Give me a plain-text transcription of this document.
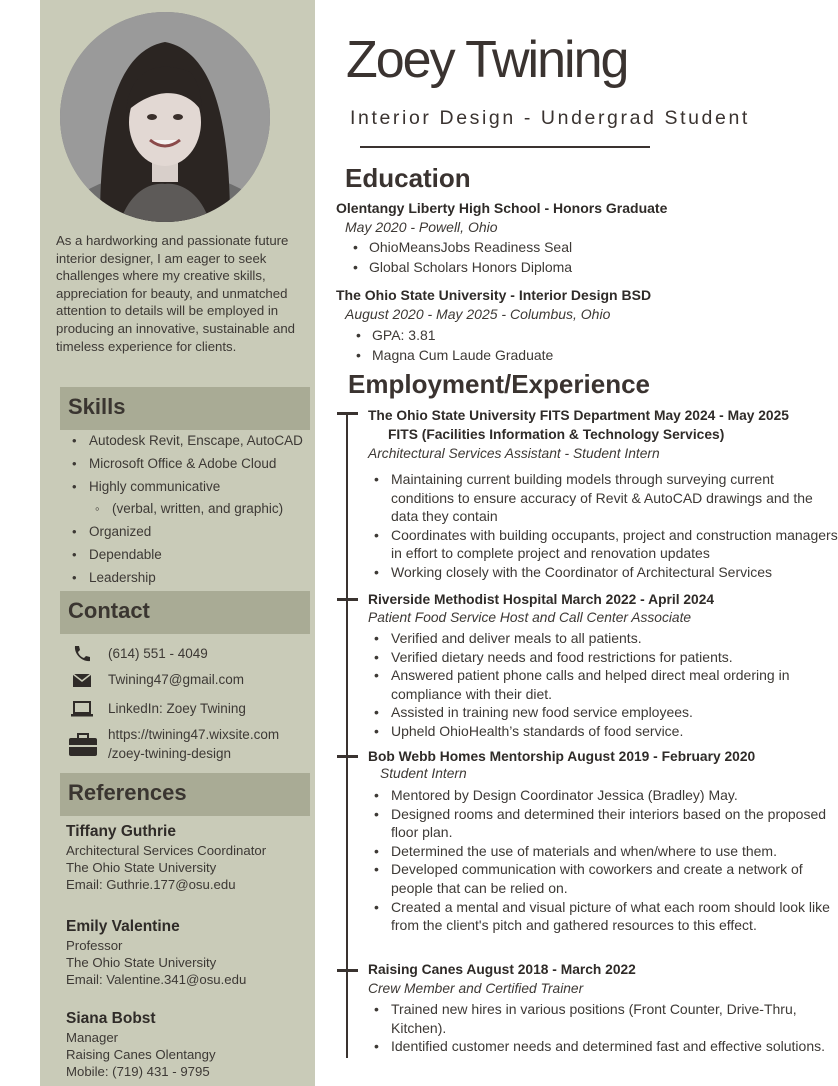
As a hardworking and passionate future interior designer, I am eager to seek challenges where my creative skills, appreciation for beauty, and unmatched attention to details will be employed in producing an innovative, sustainable and timeless experience for clients.
Skills
• Autodesk Revit, Enscape, AutoCAD
• Microsoft Office & Adobe Cloud
• Highly communicative
◦ (verbal, written, and graphic)
• Organized
• Dependable
• Leadership
Contact
(614) 551 - 4049
Twining47@gmail.com
LinkedIn: Zoey Twining
https://twining47.wixsite.com
/zoey-twining-design
References
Tiffany Guthrie
Architectural Services Coordinator
The Ohio State University
Email: Guthrie.177@osu.edu
Emily Valentine
Professor
The Ohio State University
Email: Valentine.341@osu.edu
Siana Bobst
Manager
Raising Canes Olentangy
Mobile: (719) 431 - 9795
Zoey Twining
Interior Design - Undergrad Student
Education
Olentangy Liberty High School - Honors Graduate
May 2020 - Powell, Ohio
• OhioMeansJobs Readiness Seal
• Global Scholars Honors Diploma
The Ohio State University - Interior Design BSD
August 2020 - May 2025 - Columbus, Ohio
• GPA: 3.81
• Magna Cum Laude Graduate
Employment/Experience
The Ohio State University FITS Department May 2024 - May 2025
FITS (Facilities Information & Technology Services)
Architectural Services Assistant - Student Intern
• Maintaining current building models through surveying current conditions to ensure accuracy of Revit & AutoCAD drawings and the data they contain
• Coordinates with building occupants, project and construction managers in effort to complete project and renovation updates
• Working closely with the Coordinator of Architectural Services
Riverside Methodist Hospital March 2022 - April 2024
Patient Food Service Host and Call Center Associate
• Verified and deliver meals to all patients.
• Verified dietary needs and food restrictions for patients.
• Answered patient phone calls and helped direct meal ordering in compliance with their diet.
• Assisted in training new food service employees.
• Upheld OhioHealth’s standards of food service.
Bob Webb Homes Mentorship August 2019 - February 2020
Student Intern
• Mentored by Design Coordinator Jessica (Bradley) May.
• Designed rooms and determined their interiors based on the proposed floor plan.
• Determined the use of materials and when/where to use them.
• Developed communication with coworkers and create a network of people that can be relied on.
• Created a mental and visual picture of what each room should look like from the client's pitch and gathered resources to this effect.
Raising Canes August 2018 - March 2022
Crew Member and Certified Trainer
• Trained new hires in various positions (Front Counter, Drive-Thru, Kitchen).
• Identified customer needs and determined fast and effective solutions.
